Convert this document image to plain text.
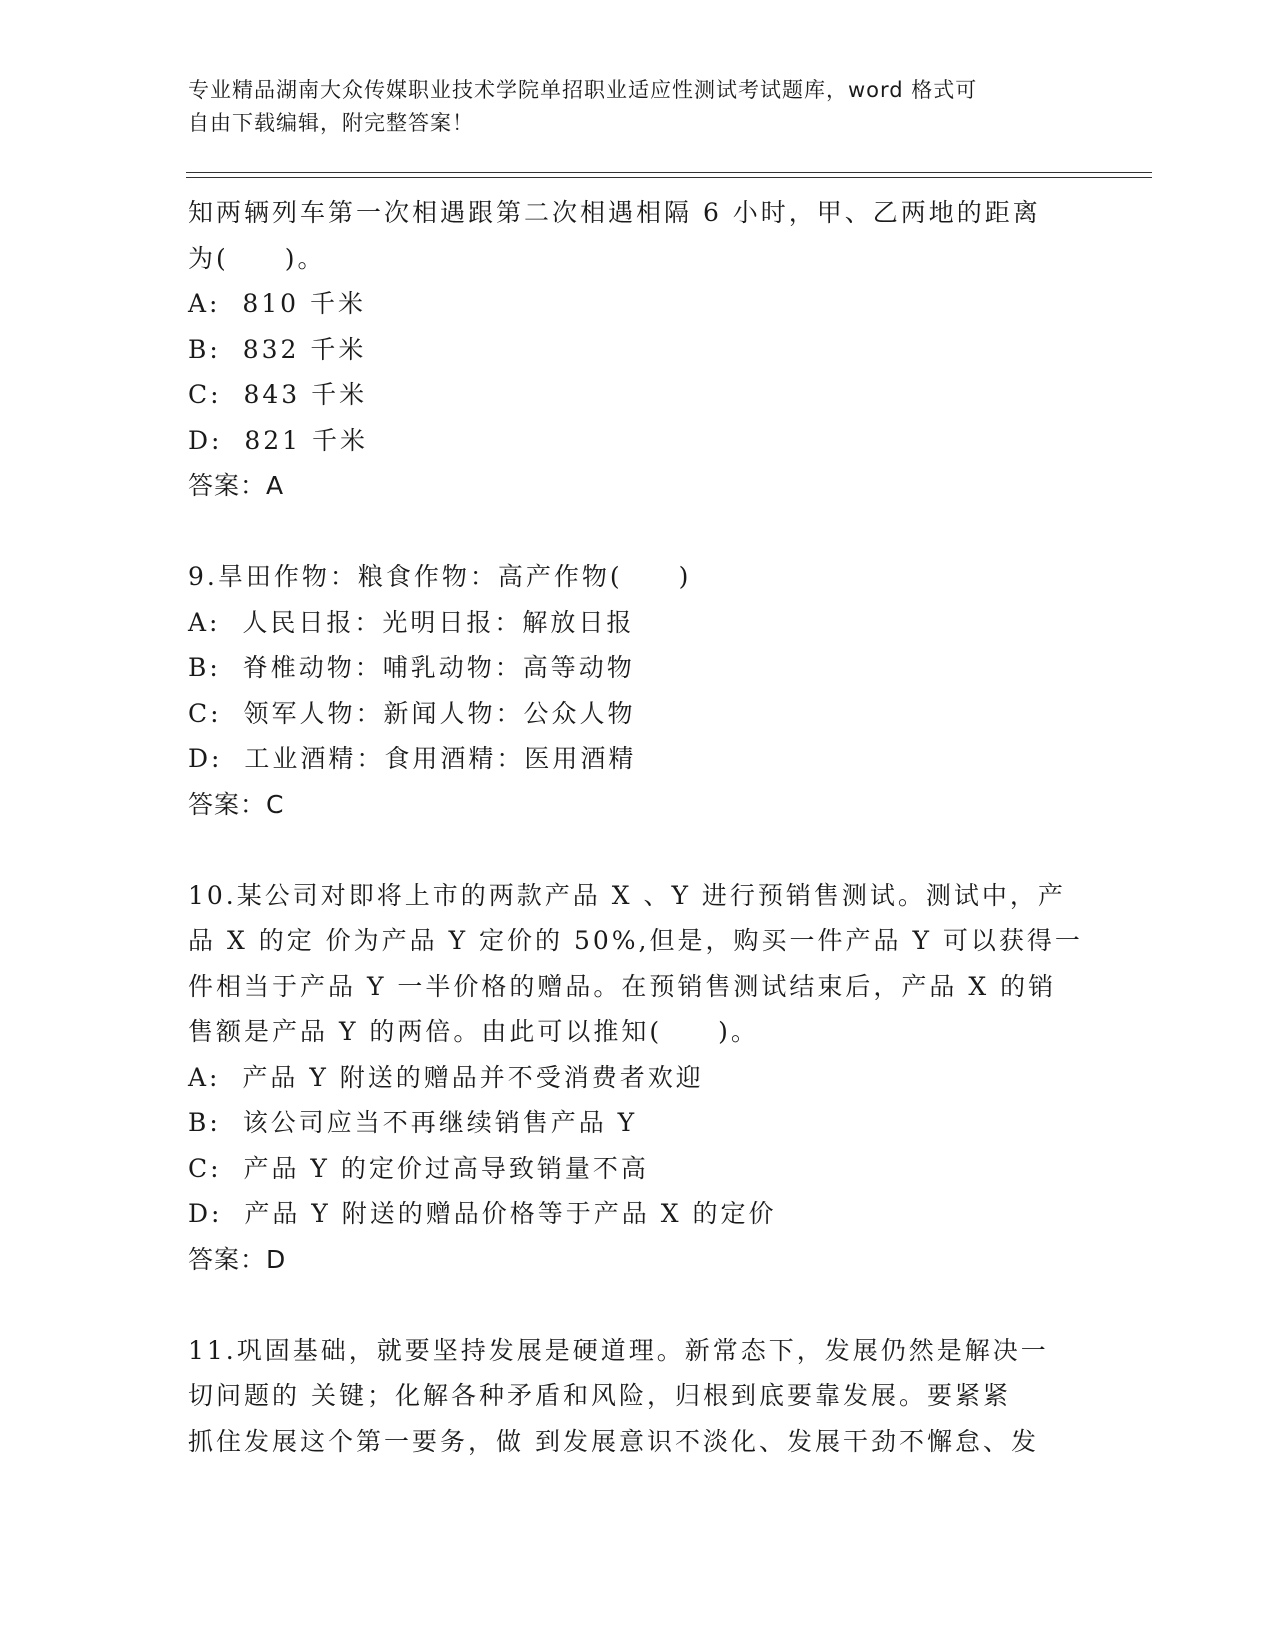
专业精品湖南大众传媒职业技术学院单招职业适应性测试考试题库，word 格式可
自由下载编辑，附完整答案！
知两辆列车第一次相遇跟第二次相遇相隔 6 小时，甲、乙两地的距离
为(　　)。
A:  810 千米
B:  832 千米
C:  843 千米
D:  821 千米
答案：A
9.旱田作物：粮食作物：高产作物(　　)
A:  人民日报：光明日报：解放日报
B:  脊椎动物：哺乳动物：高等动物
C:  领军人物：新闻人物：公众人物
D:  工业酒精：食用酒精：医用酒精
答案：C
10.某公司对即将上市的两款产品 X 、Y 进行预销售测试。测试中，产
品 X 的定 价为产品 Y 定价的 50%,但是，购买一件产品 Y 可以获得一
件相当于产品 Y 一半价格的赠品。在预销售测试结束后，产品 X 的销
售额是产品 Y 的两倍。由此可以推知(　　)。
A:  产品 Y 附送的赠品并不受消费者欢迎
B:  该公司应当不再继续销售产品 Y
C:  产品 Y 的定价过高导致销量不高
D:  产品 Y 附送的赠品价格等于产品 X 的定价
答案：D
11.巩固基础，就要坚持发展是硬道理。新常态下，发展仍然是解决一
切问题的 关键；化解各种矛盾和风险，归根到底要靠发展。要紧紧
抓住发展这个第一要务，做 到发展意识不淡化、发展干劲不懈怠、发
